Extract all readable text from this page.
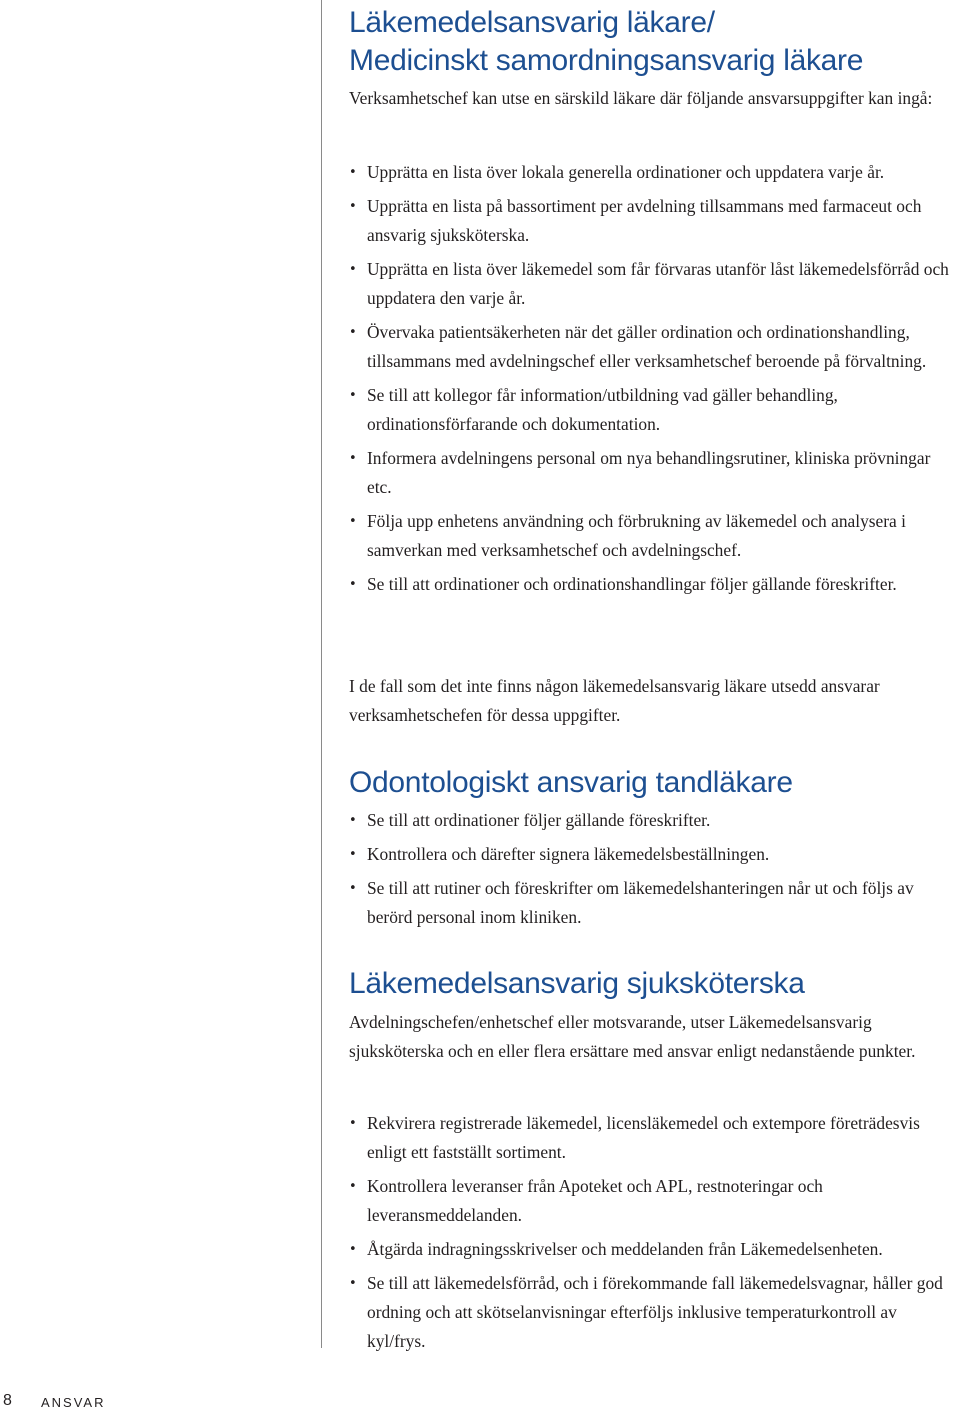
Läkemedelsansvarig läkare/
Medicinskt samordningsansvarig läkare

Verksamhetschef kan utse en särskild läkare där följande ansvarsuppgifter kan ingå:

• Upprätta en lista över lokala generella ordinationer och uppdatera varje år.
• Upprätta en lista på bassortiment per avdelning tillsammans med farmaceut och ansvarig sjuksköterska.
• Upprätta en lista över läkemedel som får förvaras utanför låst läkemedelsförråd och uppdatera den varje år.
• Övervaka patientsäkerheten när det gäller ordination och ordinationshandling, tillsammans med avdelningschef eller verksamhetschef beroende på förvaltning.
• Se till att kollegor får information/utbildning vad gäller behandling, ordinationsförfarande och dokumentation.
• Informera avdelningens personal om nya behandlingsrutiner, kliniska prövningar etc.
• Följa upp enhetens användning och förbrukning av läkemedel och analysera i samverkan med verksamhetschef och avdelningschef.
• Se till att ordinationer och ordinationshandlingar följer gällande föreskrifter.

I de fall som det inte finns någon läkemedelsansvarig läkare utsedd ansvarar verksamhetschefen för dessa uppgifter.

Odontologiskt ansvarig tandläkare
• Se till att ordinationer följer gällande föreskrifter.
• Kontrollera och därefter signera läkemedelsbeställningen.
• Se till att rutiner och föreskrifter om läkemedelshanteringen når ut och följs av berörd personal inom kliniken.
Läkemedelsansvarig sjuksköterska

Avdelningschefen/enhetschef eller motsvarande, utser Läkemedelsansvarig sjuksköterska och en eller flera ersättare med ansvar enligt nedanstående punkter.

• Rekvirera registrerade läkemedel, licensläkemedel och extempore företrädesvis enligt ett fastställt sortiment.
• Kontrollera leveranser från Apoteket och APL, restnoteringar och leveransmeddelanden.
• Åtgärda indragningsskrivelser och meddelanden från Läkemedelsenheten.
• Se till att läkemedelsförråd, och i förekommande fall läkemedelsvagnar, håller god ordning och att skötselanvisningar efterföljs inklusive temperaturkontroll av kyl/frys.
8 ANSVAR
